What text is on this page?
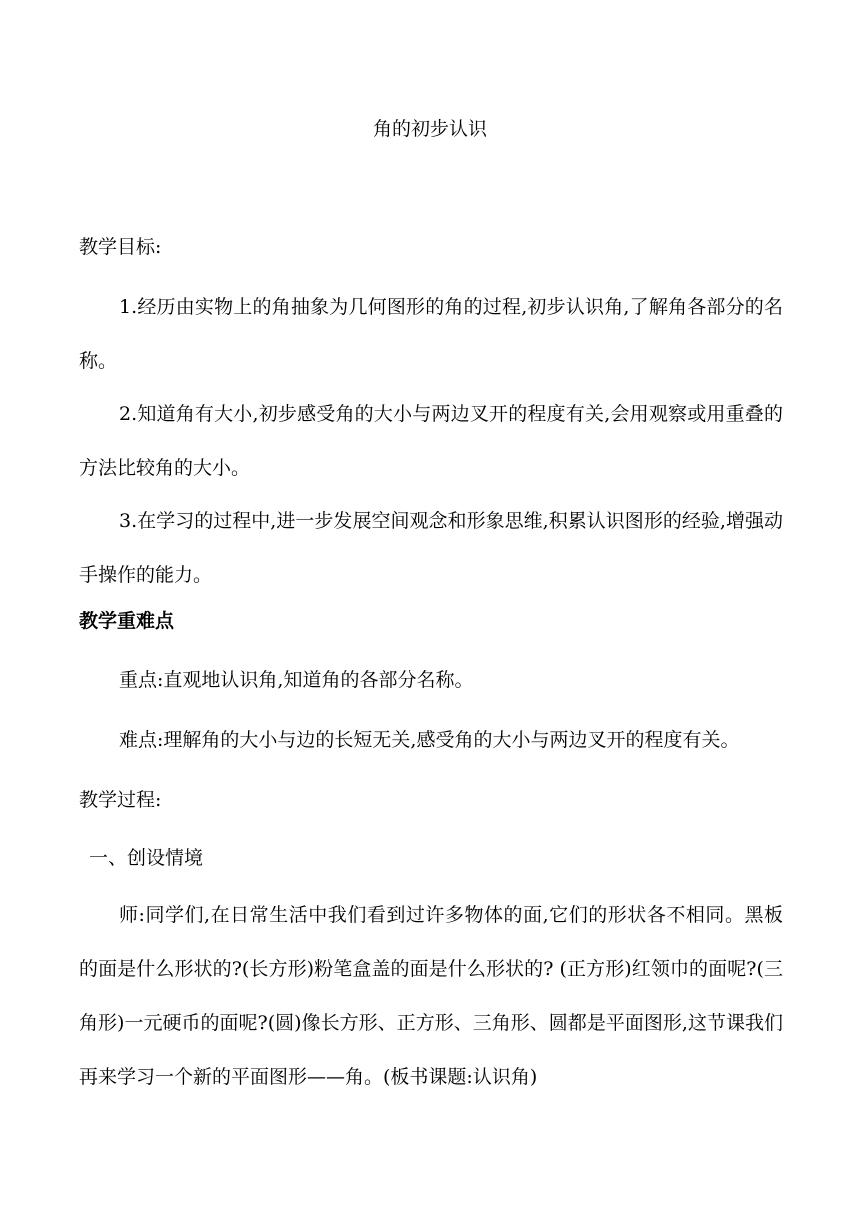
角的初步认识
教学目标:
1.经历由实物上的角抽象为几何图形的角的过程,初步认识角,了解角各部分的名称。
2.知道角有大小,初步感受角的大小与两边叉开的程度有关,会用观察或用重叠的方法比较角的大小。
3.在学习的过程中,进一步发展空间观念和形象思维,积累认识图形的经验,增强动手操作的能力。
教学重难点
重点:直观地认识角,知道角的各部分名称。
难点:理解角的大小与边的长短无关,感受角的大小与两边叉开的程度有关。
教学过程:
一、创设情境
师:同学们,在日常生活中我们看到过许多物体的面,它们的形状各不相同。黑板的面是什么形状的?(长方形)粉笔盒盖的面是什么形状的? (正方形)红领巾的面呢?(三角形)一元硬币的面呢?(圆)像长方形、正方形、三角形、圆都是平面图形,这节课我们再来学习一个新的平面图形——角。(板书课题:认识角)
